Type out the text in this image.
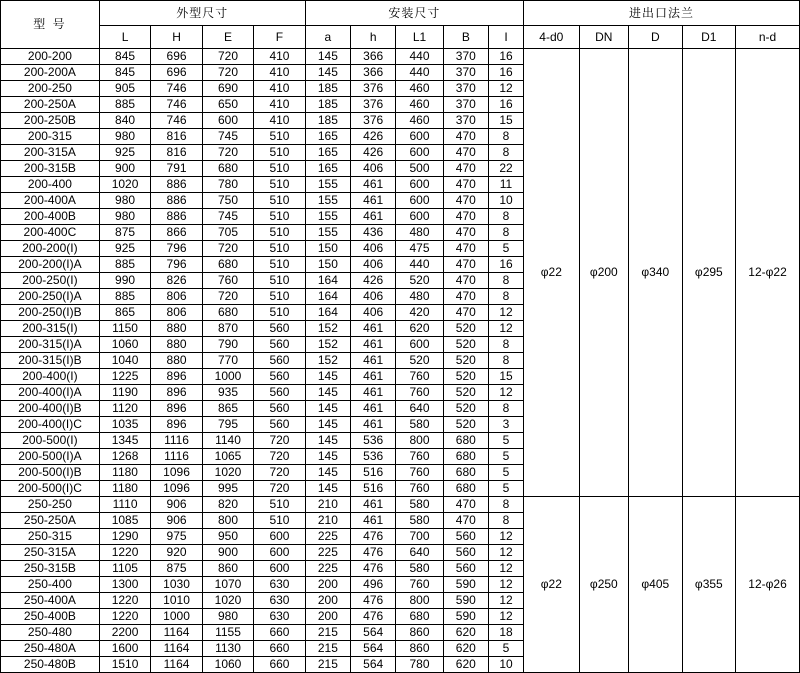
型 号	外型尺寸				安装尺寸					进出口法兰				
	L	H	E	F	a	h	L1	B	I	4-d0	DN	D	D1	n-d
200-200	845	696	720	410	145	366	440	370	16	φ22	φ200	φ340	φ295	12-φ22
200-200A	845	696	720	410	145	366	440	370	16					
200-250	905	746	690	410	185	376	460	370	12					
200-250A	885	746	650	410	185	376	460	370	16					
200-250B	840	746	600	410	185	376	460	370	15					
200-315	980	816	745	510	165	426	600	470	8					
200-315A	925	816	720	510	165	426	600	470	8					
200-315B	900	791	680	510	165	406	500	470	22					
200-400	1020	886	780	510	155	461	600	470	11					
200-400A	980	886	750	510	155	461	600	470	10					
200-400B	980	886	745	510	155	461	600	470	8					
200-400C	875	866	705	510	155	436	480	470	8					
200-200(I)	925	796	720	510	150	406	475	470	5					
200-200(I)A	885	796	680	510	150	406	440	470	16					
200-250(I)	990	826	760	510	164	426	520	470	8					
200-250(I)A	885	806	720	510	164	406	480	470	8					
200-250(I)B	865	806	680	510	164	406	420	470	12					
200-315(I)	1150	880	870	560	152	461	620	520	12					
200-315(I)A	1060	880	790	560	152	461	600	520	8					
200-315(I)B	1040	880	770	560	152	461	520	520	8					
200-400(I)	1225	896	1000	560	145	461	760	520	15					
200-400(I)A	1190	896	935	560	145	461	760	520	12					
200-400(I)B	1120	896	865	560	145	461	640	520	8					
200-400(I)C	1035	896	795	560	145	461	580	520	3					
200-500(I)	1345	1116	1140	720	145	536	800	680	5					
200-500(I)A	1268	1116	1065	720	145	536	760	680	5					
200-500(I)B	1180	1096	1020	720	145	516	760	680	5					
200-500(I)C	1180	1096	995	720	145	516	760	680	5					
250-250	1110	906	820	510	210	461	580	470	8	φ22	φ250	φ405	φ355	12-φ26
250-250A	1085	906	800	510	210	461	580	470	8					
250-315	1290	975	950	600	225	476	700	560	12					
250-315A	1220	920	900	600	225	476	640	560	12					
250-315B	1105	875	860	600	225	476	580	560	12					
250-400	1300	1030	1070	630	200	496	760	590	12					
250-400A	1220	1010	1020	630	200	476	800	590	12					
250-400B	1220	1000	980	630	200	476	680	590	12					
250-480	2200	1164	1155	660	215	564	860	620	18					
250-480A	1600	1164	1130	660	215	564	860	620	5					
250-480B	1510	1164	1060	660	215	564	780	620	10					
